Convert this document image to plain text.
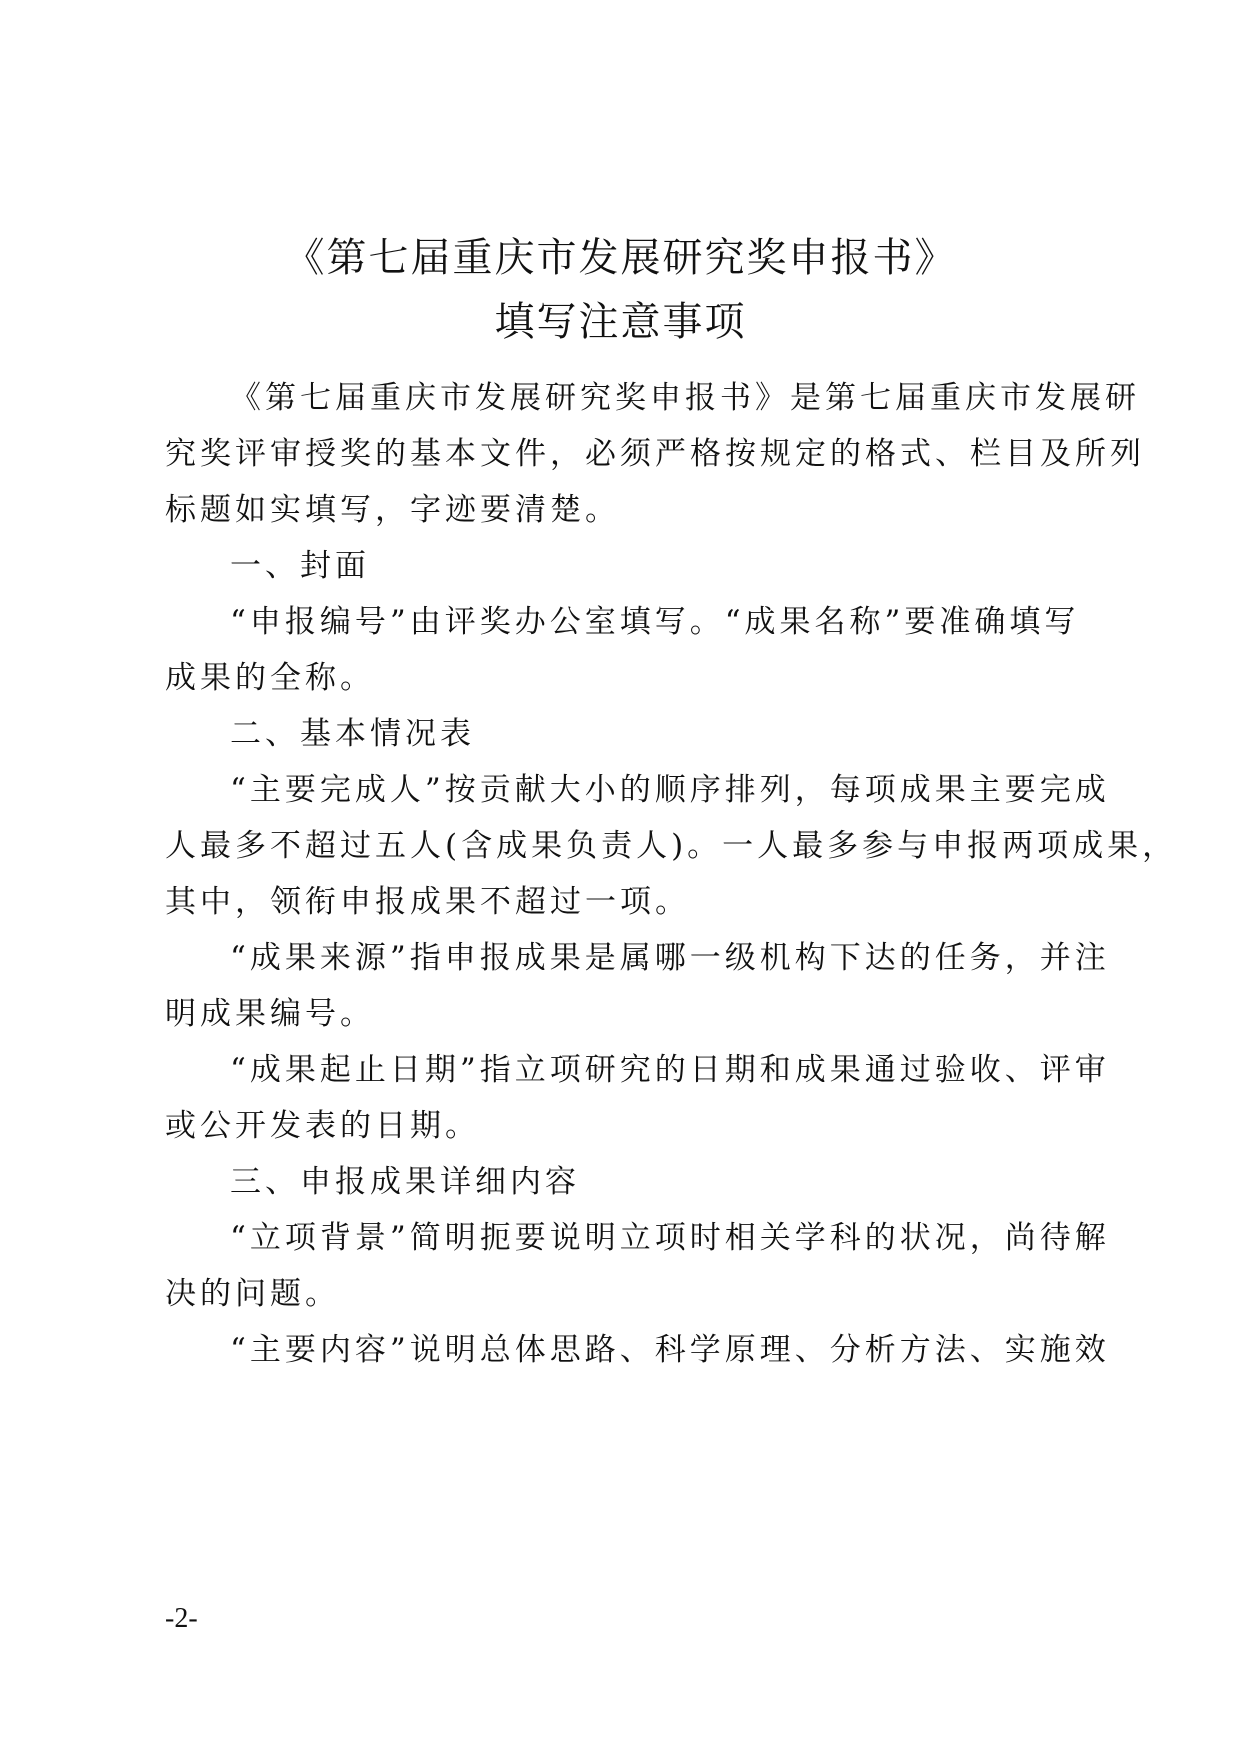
《第七届重庆市发展研究奖申报书》
填写注意事项

《第七届重庆市发展研究奖申报书》是第七届重庆市发展研

究奖评审授奖的基本文件，必须严格按规定的格式、栏目及所列

标题如实填写，字迹要清楚。

一、封面

“申报编号”由评奖办公室填写。“成果名称”要准确填写

成果的全称。

二、基本情况表

“主要完成人”按贡献大小的顺序排列，每项成果主要完成

人最多不超过五人(含成果负责人)。一人最多参与申报两项成果，

其中，领衔申报成果不超过一项。

“成果来源”指申报成果是属哪一级机构下达的任务，并注

明成果编号。

“成果起止日期”指立项研究的日期和成果通过验收、评审

或公开发表的日期。

三、申报成果详细内容

“立项背景”简明扼要说明立项时相关学科的状况，尚待解

决的问题。

“主要内容”说明总体思路、科学原理、分析方法、实施效

-2-
